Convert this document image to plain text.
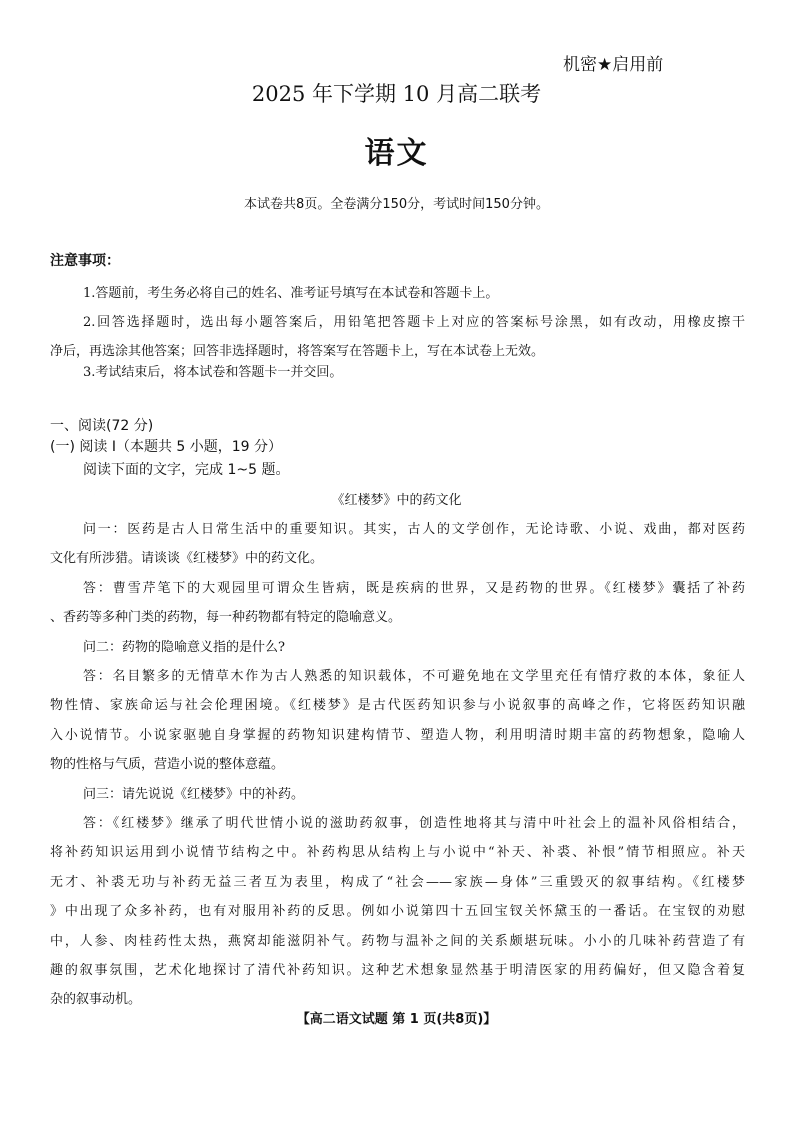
机密★启用前
2025 年下学期 10 月高二联考
语文
本试卷共8页。全卷满分150分，考试时间150分钟。
注意事项：
1.答题前，考生务必将自己的姓名、准考证号填写在本试卷和答题卡上。
2.回答选择题时，选出每小题答案后，用铅笔把答题卡上对应的答案标号涂黑，如有改动，用橡皮擦干
净后，再选涂其他答案；回答非选择题时，将答案写在答题卡上，写在本试卷上无效。
3.考试结束后，将本试卷和答题卡一并交回。
一、阅读(72 分)
(一) 阅读 I（本题共 5 小题，19 分）
阅读下面的文字，完成 1~5 题。
《红楼梦》中的药文化
问一：医药是古人日常生活中的重要知识。其实，古人的文学创作，无论诗歌、小说、戏曲，都对医药
文化有所涉猎。请谈谈《红楼梦》中的药文化。
答：曹雪芹笔下的大观园里可谓众生皆病，既是疾病的世界，又是药物的世界。《红楼梦》囊括了补药
、香药等多种门类的药物，每一种药物都有特定的隐喻意义。
问二：药物的隐喻意义指的是什么?
答：名目繁多的无情草木作为古人熟悉的知识载体，不可避免地在文学里充任有情疗救的本体，象征人
物性情、家族命运与社会伦理困境。《红楼梦》是古代医药知识参与小说叙事的高峰之作，它将医药知识融
入小说情节。小说家驱驰自身掌握的药物知识建构情节、塑造人物，利用明清时期丰富的药物想象，隐喻人
物的性格与气质，营造小说的整体意蕴。
问三：请先说说《红楼梦》中的补药。
答：《红楼梦》继承了明代世情小说的滋助药叙事，创造性地将其与清中叶社会上的温补风俗相结合，
将补药知识运用到小说情节结构之中。补药构思从结构上与小说中“补天、补裘、补恨”情节相照应。补天
无才、补裘无功与补药无益三者互为表里，构成了“社会——家族—身体”三重毁灭的叙事结构。《红楼梦
》中出现了众多补药，也有对服用补药的反思。例如小说第四十五回宝钗关怀黛玉的一番话。在宝钗的劝慰
中，人参、肉桂药性太热，燕窝却能滋阴补气。药物与温补之间的关系颇堪玩味。小小的几味补药营造了有
趣的叙事氛围，艺术化地探讨了清代补药知识。这种艺术想象显然基于明清医家的用药偏好，但又隐含着复
杂的叙事动机。
【高二语文试题 第 1 页(共8页)】
